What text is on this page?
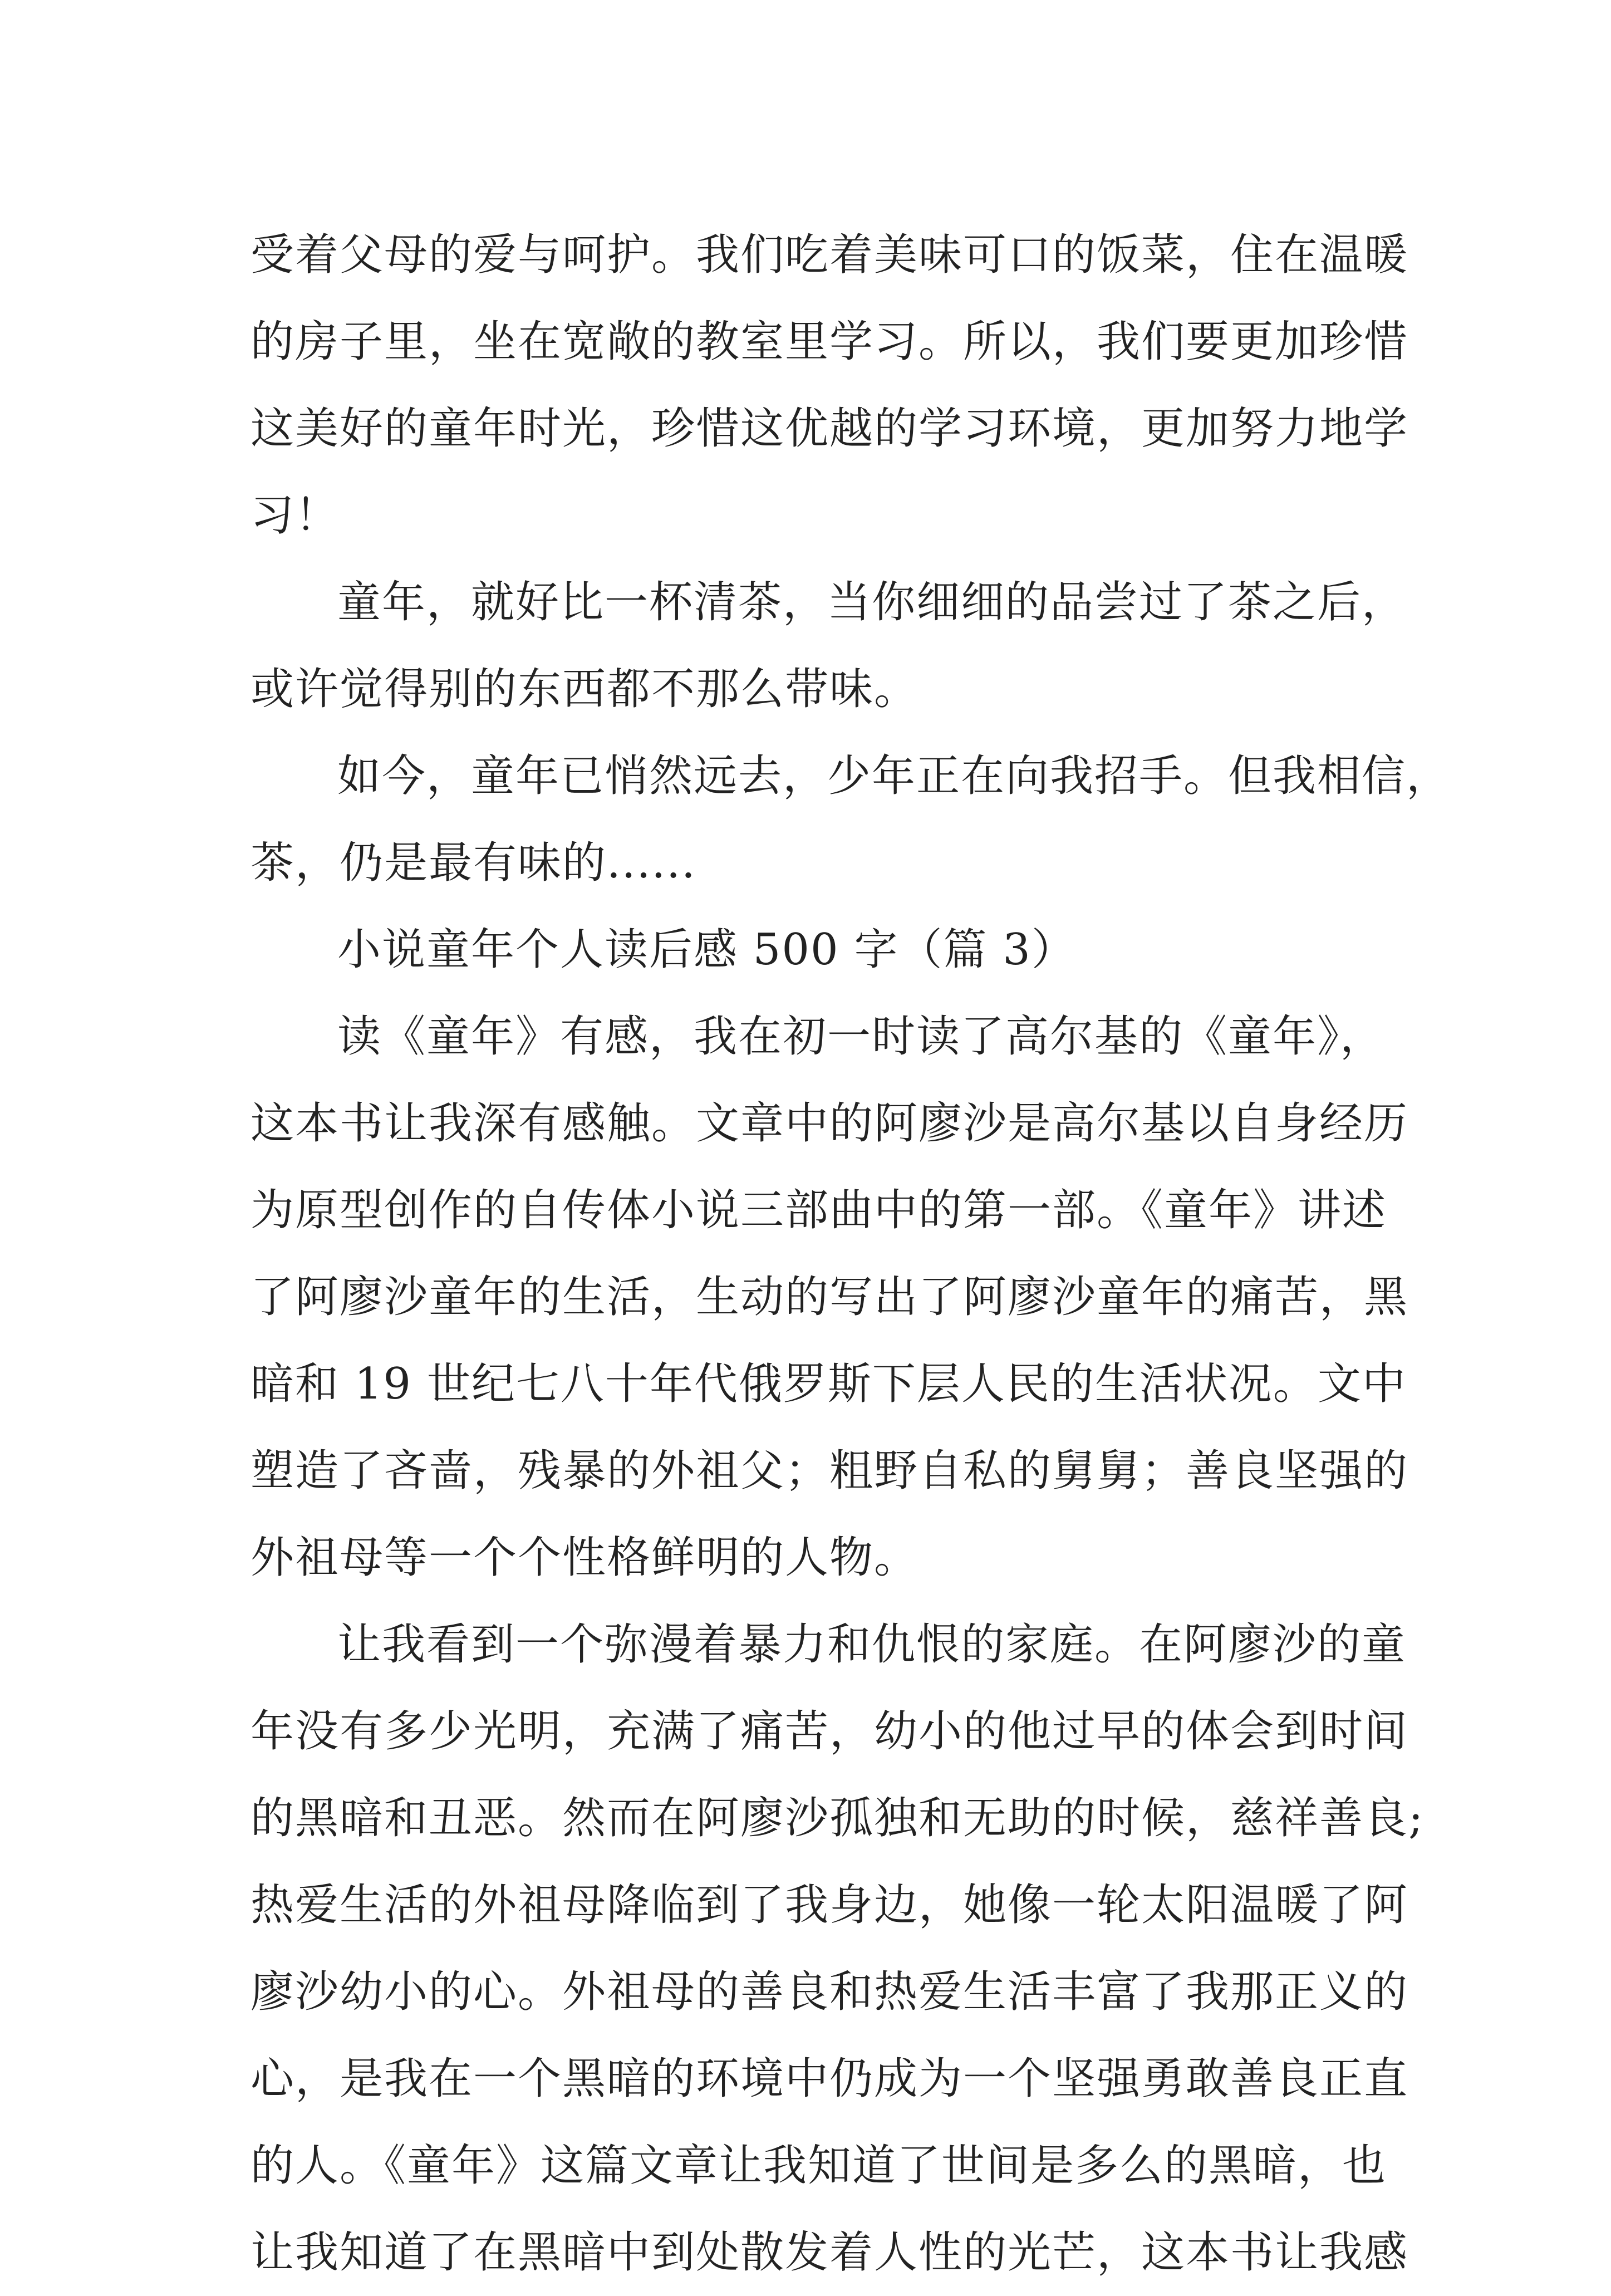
受着父母的爱与呵护。我们吃着美味可口的饭菜，住在温暖
的房子里，坐在宽敞的教室里学习。所以，我们要更加珍惜
这美好的童年时光，珍惜这优越的学习环境，更加努力地学
习！
童年，就好比一杯清茶，当你细细的品尝过了茶之后，
或许觉得别的东西都不那么带味。
如今，童年已悄然远去，少年正在向我招手。但我相信，
茶，仍是最有味的......
小说童年个人读后感 500 字（篇 3）
读《童年》有感，我在初一时读了高尔基的《童年》，
这本书让我深有感触。文章中的阿廖沙是高尔基以自身经历
为原型创作的自传体小说三部曲中的第一部。《童年》讲述
了阿廖沙童年的生活，生动的写出了阿廖沙童年的痛苦，黑
暗和 19 世纪七八十年代俄罗斯下层人民的生活状况。文中
塑造了吝啬，残暴的外祖父；粗野自私的舅舅；善良坚强的
外祖母等一个个性格鲜明的人物。
让我看到一个弥漫着暴力和仇恨的家庭。在阿廖沙的童
年没有多少光明，充满了痛苦，幼小的他过早的体会到时间
的黑暗和丑恶。然而在阿廖沙孤独和无助的时候，慈祥善良;
热爱生活的外祖母降临到了我身边，她像一轮太阳温暖了阿
廖沙幼小的心。外祖母的善良和热爱生活丰富了我那正义的
心，是我在一个黑暗的环境中仍成为一个坚强勇敢善良正直
的人。《童年》这篇文章让我知道了世间是多么的黑暗，也
让我知道了在黑暗中到处散发着人性的光芒，这本书让我感
